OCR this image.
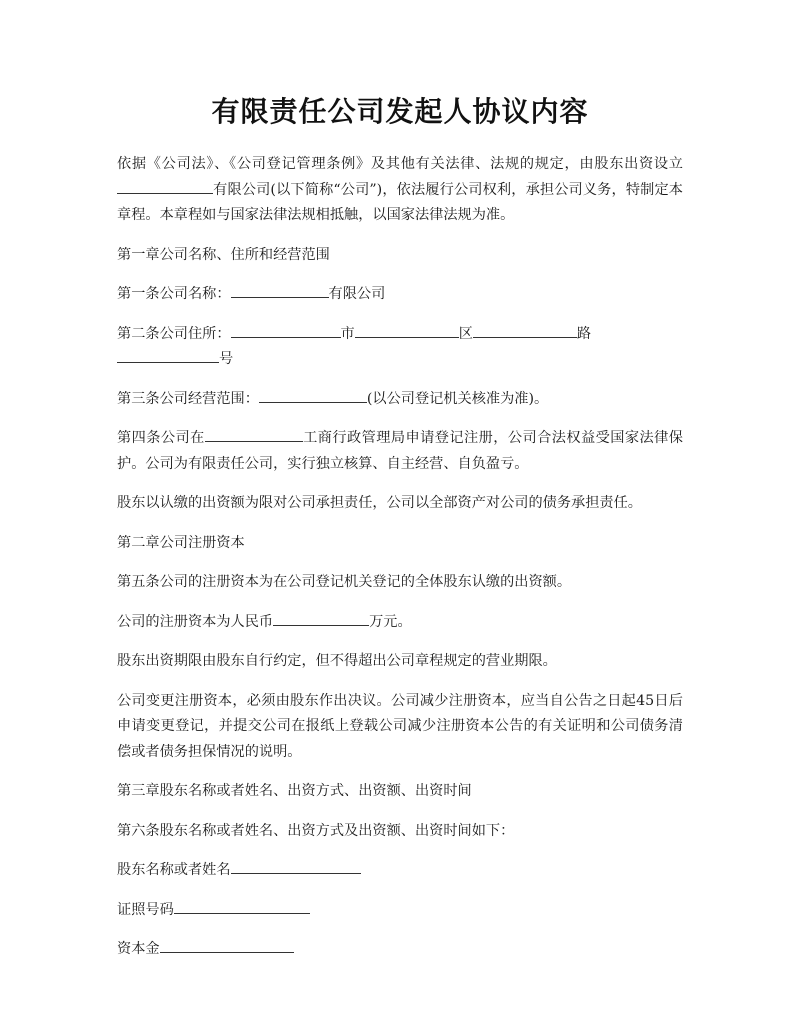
有限责任公司发起人协议内容

依据《公司法》、《公司登记管理条例》及其他有关法律、法规的规定，由股东出资设立有限公司(以下简称“公司”)，依法履行公司权利，承担公司义务，特制定本章程。本章程如与国家法律法规相抵触，以国家法律法规为准。

第一章公司名称、住所和经营范围

第一条公司名称：	有限公司

第二条公司住所：	市	区	路
号

第三条公司经营范围：	(以公司登记机关核准为准)。

第四条公司在	工商行政管理局申请登记注册，公司合法权益受国家法律保护。公司为有限责任公司，实行独立核算、自主经营、自负盈亏。

股东以认缴的出资额为限对公司承担责任，公司以全部资产对公司的债务承担责任。

第二章公司注册资本

第五条公司的注册资本为在公司登记机关登记的全体股东认缴的出资额。

公司的注册资本为人民币	万元。

股东出资期限由股东自行约定，但不得超出公司章程规定的营业期限。

公司变更注册资本，必须由股东作出决议。公司减少注册资本，应当自公告之日起45日后申请变更登记，并提交公司在报纸上登载公司减少注册资本公告的有关证明和公司债务清偿或者债务担保情况的说明。

第三章股东名称或者姓名、出资方式、出资额、出资时间

第六条股东名称或者姓名、出资方式及出资额、出资时间如下：

股东名称或者姓名

证照号码

资本金
